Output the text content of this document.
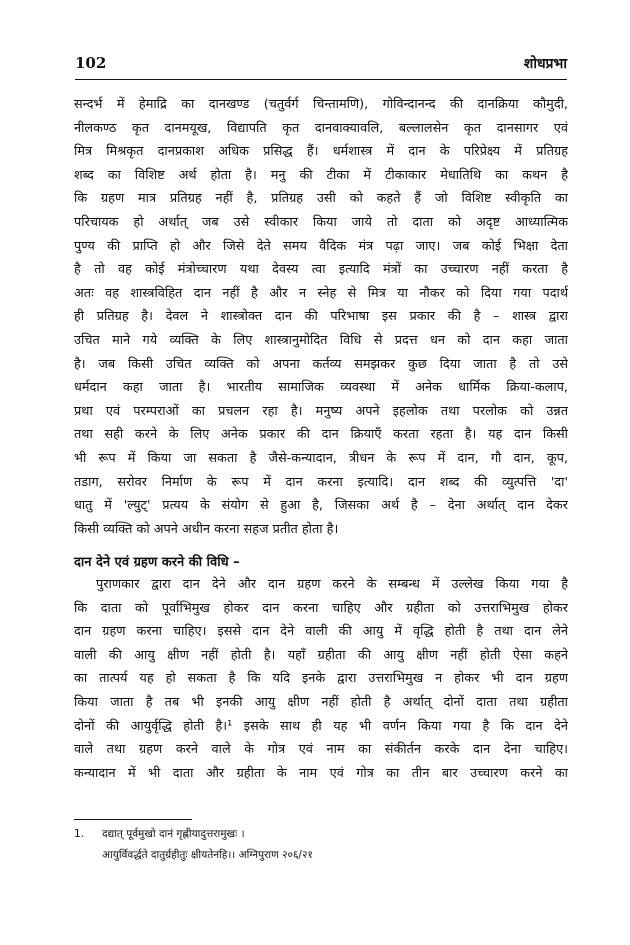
102	शोधप्रभा
सन्दर्भ में हेमाद्रि का दानखण्ड (चतुर्वर्ग चिन्तामणि), गोविन्दानन्द की दानक्रिया कौमुदी,
नीलकण्ठ कृत दानमयूख, विद्यापति कृत दानवाक्यावलि, बल्लालसेन कृत दानसागर एवं
मित्र मिश्रकृत दानप्रकाश अधिक प्रसिद्ध हैं। धर्मशास्त्र में दान के परिप्रेक्ष्य में प्रतिग्रह
शब्द का विशिष्ट अर्थ होता है। मनु की टीका में टीकाकार मेधातिथि का कथन है
कि ग्रहण मात्र प्रतिग्रह नहीं है, प्रतिग्रह उसी को कहते हैं जो विशिष्ट स्वीकृति का
परिचायक हो अर्थात् जब उसे स्वीकार किया जाये तो दाता को अदृष्ट आध्यात्मिक
पुण्य की प्राप्ति हो और जिसे देते समय वैदिक मंत्र पढ़ा जाए। जब कोई भिक्षा देता
है तो वह कोई मंत्रोच्चारण यथा देवस्य त्वा इत्यादि मंत्रों का उच्चारण नहीं करता है
अतः वह शास्त्रविहित दान नहीं है और न स्नेह से मित्र या नौकर को दिया गया पदार्थ
ही प्रतिग्रह है। देवल ने शास्त्रोक्त दान की परिभाषा इस प्रकार की है – शास्त्र द्वारा
उचित माने गये व्यक्ति के लिए शास्त्रानुमोदित विधि से प्रदत्त धन को दान कहा जाता
है। जब किसी उचित व्यक्ति को अपना कर्तव्य समझकर कुछ दिया जाता है तो उसे
धर्मदान कहा जाता है। भारतीय सामाजिक व्यवस्था में अनेक धार्मिक क्रिया-कलाप,
प्रथा एवं परम्पराओं का प्रचलन रहा है। मनुष्य अपने इहलोक तथा परलोक को उन्नत
तथा सही करने के लिए अनेक प्रकार की दान क्रियाएँ करता रहता है। यह दान किसी
भी रूप में किया जा सकता है जैसे-कन्यादान, त्रीधन के रूप में दान, गौ दान, कूप,
तडाग, सरोवर निर्माण के रूप में दान करना इत्यादि। दान शब्द की व्युत्पत्ति 'दा'
धातु में 'ल्युट्' प्रत्यय के संयोग से हुआ है, जिसका अर्थ है – देना अर्थात् दान देकर
किसी व्यक्ति को अपने अधीन करना सहज प्रतीत होता है।
दान देने एवं ग्रहण करने की विधि –
पुराणकार द्वारा दान देने और दान ग्रहण करने के सम्बन्ध में उल्लेख किया गया है
कि दाता को पूर्वाभिमुख होकर दान करना चाहिए और ग्रहीता को उत्तराभिमुख होकर
दान ग्रहण करना चाहिए। इससे दान देने वाली की आयु में वृद्धि होती है तथा दान लेने
वाली की आयु क्षीण नहीं होती है। यहाँ ग्रहीता की आयु क्षीण नहीं होती ऐसा कहने
का तात्पर्य यह हो सकता है कि यदि इनके द्वारा उत्तराभिमुख न होकर भी दान ग्रहण
किया जाता है तब भी इनकी आयु क्षीण नहीं होती है अर्थात् दोनों दाता तथा ग्रहीता
दोनों की आयुर्वृद्धि होती है।¹ इसके साथ ही यह भी वर्णन किया गया है कि दान देने
वाले तथा ग्रहण करने वाले के गोत्र एवं नाम का संकीर्तन करके दान देना चाहिए।
कन्यादान में भी दाता और ग्रहीता के नाम एवं गोत्र का तीन बार उच्चारण करने का
1. दद्यात् पूर्वमुखो दानं गृह्णीयादुत्तरामुखः ।
आयुर्विवर्द्धते दातुर्ग्रहीतुः क्षीयतेनहि।। अग्निपुराण २०६/२१
